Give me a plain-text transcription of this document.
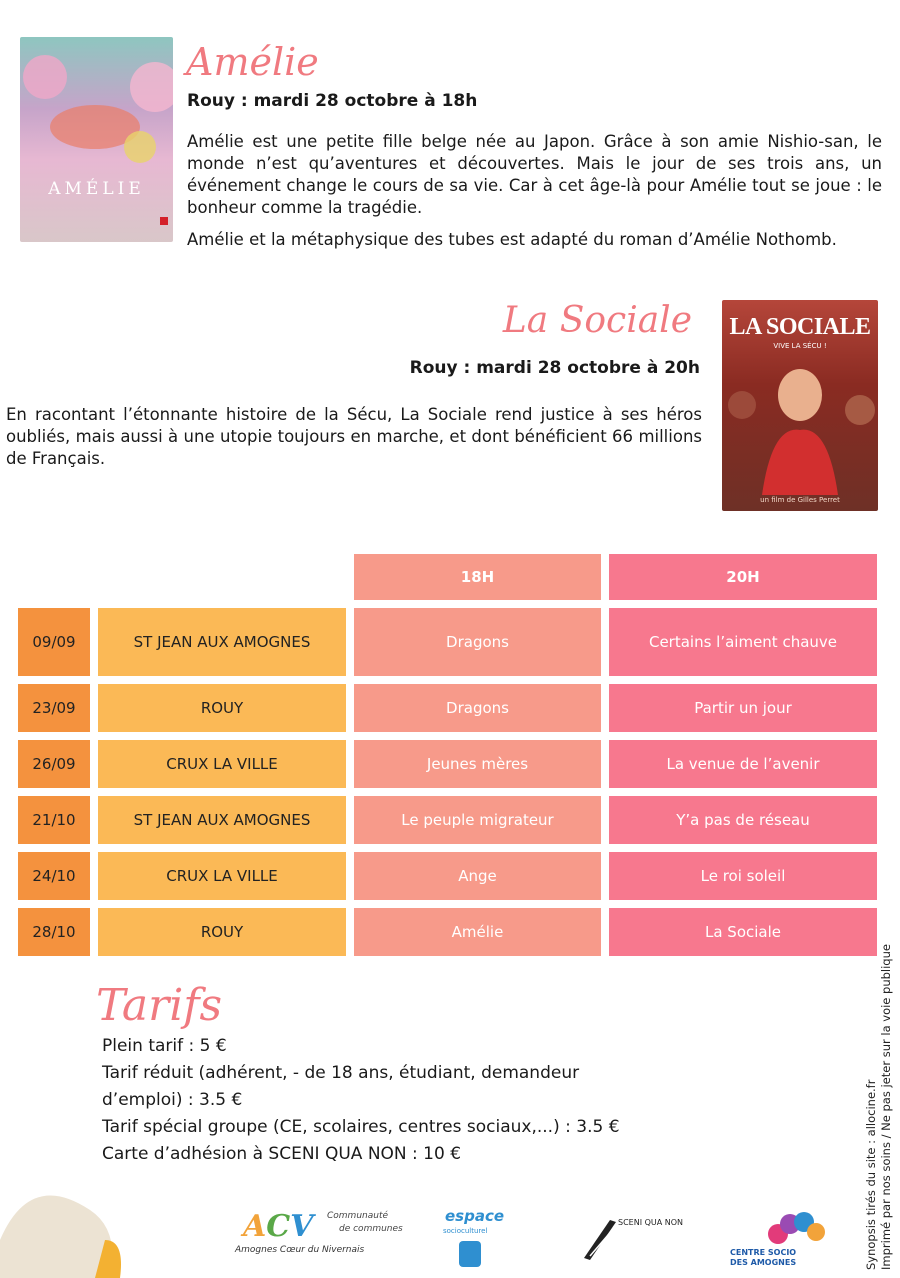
AMÉLIE
Amélie
Rouy : mardi 28 octobre à 18h
Amélie est une petite fille belge née au Japon. Grâce à son amie Nishio-san, le monde n’est qu’aventures et découvertes. Mais le jour de ses trois ans, un événement change le cours de sa vie. Car à cet âge-là pour Amélie tout se joue : le bonheur comme la tragédie.
Amélie et la métaphysique des tubes est adapté du roman d’Amélie Nothomb.
La Sociale
Rouy : mardi 28 octobre à 20h
En racontant l’étonnante histoire de la Sécu, La Sociale rend justice à ses héros oubliés, mais aussi à une utopie toujours en marche, et dont bénéficient 66 millions de Français.
LA SOCIALE
VIVE LA SÉCU !
un film de Gilles Perret
		18H	20H
09/09	ST JEAN AUX AMOGNES	Dragons	Certains l’aiment chauve
23/09	ROUY	Dragons	Partir un jour
26/09	CRUX LA VILLE	Jeunes mères	La venue de l’avenir
21/10	ST JEAN AUX AMOGNES	Le peuple migrateur	Y’a pas de réseau
24/10	CRUX LA VILLE	Ange	Le roi soleil
28/10	ROUY	Amélie	La Sociale
Tarifs
Plein tarif : 5 €
Tarif réduit (adhérent, - de 18 ans, étudiant, demandeur d’emploi) : 3.5 €
Tarif spécial groupe (CE, scolaires, centres sociaux,...) : 3.5 €
Carte d’adhésion à SCENI QUA NON : 10 €	Synopsis tirés du site : allocine.fr Imprimé par nos soins / Ne pas jeter sur la voie publique
ACV Communauté
de communes
Amognes Cœur du Nivernais
espace
socioculturel
SCENI QUA NON
CENTRE SOCIO
DES AMOGNES
